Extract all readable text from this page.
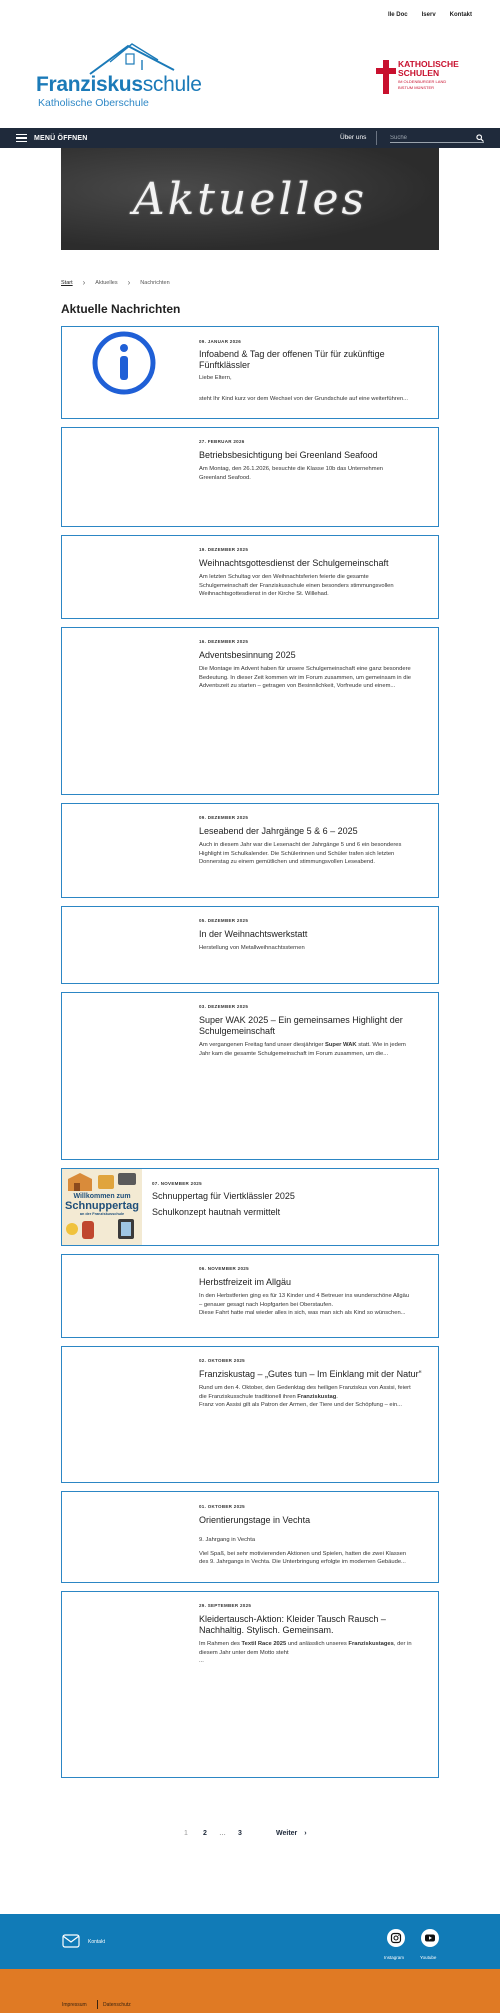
Ile Doc Iserv Kontakt
Franziskusschule
Katholische Oberschule
KATHOLISCHE
SCHULEN
IM OLDENBURGER LAND
BISTUM MÜNSTER
MENÜ ÖFFNEN	Über uns
Suche
Aktuelles
Start › Aktuelles › Nachrichten
Aktuelle Nachrichten
09. JANUAR 2026
Infoabend & Tag der offenen Tür für zukünftige Fünftklässler
Liebe Eltern,
steht Ihr Kind kurz vor dem Wechsel von der Grundschule auf eine weiterführen...
27. FEBRUAR 2026
Betriebsbesichtigung bei Greenland Seafood
Am Montag, den 26.1.2026, besuchte die Klasse 10b das Unternehmen
Greenland Seafood.
19. DEZEMBER 2025
Weihnachtsgottesdienst der Schulgemeinschaft
Am letzten Schultag vor den Weihnachtsferien feierte die gesamte
Schulgemeinschaft der Franziskusschule einen besonders stimmungsvollen
Weihnachtsgottesdienst in der Kirche St. Willehad.
16. DEZEMBER 2025
Adventsbesinnung 2025
Die Montage im Advent haben für unsere Schulgemeinschaft eine ganz besondere
Bedeutung. In dieser Zeit kommen wir im Forum zusammen, um gemeinsam in die
Adventszeit zu starten – getragen von Besinnlichkeit, Vorfreude und einem...
09. DEZEMBER 2025
Leseabend der Jahrgänge 5 & 6 – 2025
Auch in diesem Jahr war die Lesenacht der Jahrgänge 5 und 6 ein besonderes
Highlight im Schulkalender. Die Schülerinnen und Schüler trafen sich letzten
Donnerstag zu einem gemütlichen und stimmungsvollen Leseabend.
05. DEZEMBER 2025
In der Weihnachtswerkstatt
Herstellung von Metallweihnachtssternen
03. DEZEMBER 2025
Super WAK 2025 – Ein gemeinsames Highlight der Schulgemeinschaft
Am vergangenen Freitag fand unser diesjähriger Super WAK statt. Wie in jedem
Jahr kam die gesamte Schulgemeinschaft im Forum zusammen, um die...
Willkommen zum
Schnuppertag
an der Franziskusschule
07. NOVEMBER 2025
Schnuppertag für Viertklässler 2025
Schulkonzept hautnah vermittelt
06. NOVEMBER 2025
Herbstfreizeit im Allgäu
In den Herbstferien ging es für 13 Kinder und 4 Betreuer ins wunderschöne Allgäu
– genauer gesagt nach Hopfgarten bei Oberstaufen.
Diese Fahrt hatte mal wieder alles in sich, was man sich als Kind so wünschen...
02. OKTOBER 2025
Franziskustag – „Gutes tun – Im Einklang mit der Natur“
Rund um den 4. Oktober, den Gedenktag des heiligen Franziskus von Assisi, feiert
die Franziskusschule traditionell ihren Franziskustag.
Franz von Assisi gilt als Patron der Armen, der Tiere und der Schöpfung – ein...
01. OKTOBER 2025
Orientierungstage in Vechta
9. Jahrgang in Vechta
Viel Spaß, bei sehr motivierenden Aktionen und Spielen, hatten die zwei Klassen
des 9. Jahrgangs in Vechta. Die Unterbringung erfolgte im modernen Gebäude...
29. SEPTEMBER 2025
Kleidertausch-Aktion: Kleider Tausch Rausch – Nachhaltig. Stylisch. Gemeinsam.
Im Rahmen des Textil Race 2025 und anlässlich unseres Franziskustages, der in
diesem Jahr unter dem Motto steht
...
1 2 … 3	Weiter ›
Kontakt
Instagram	Youtube
Impressum	Datenschutz
